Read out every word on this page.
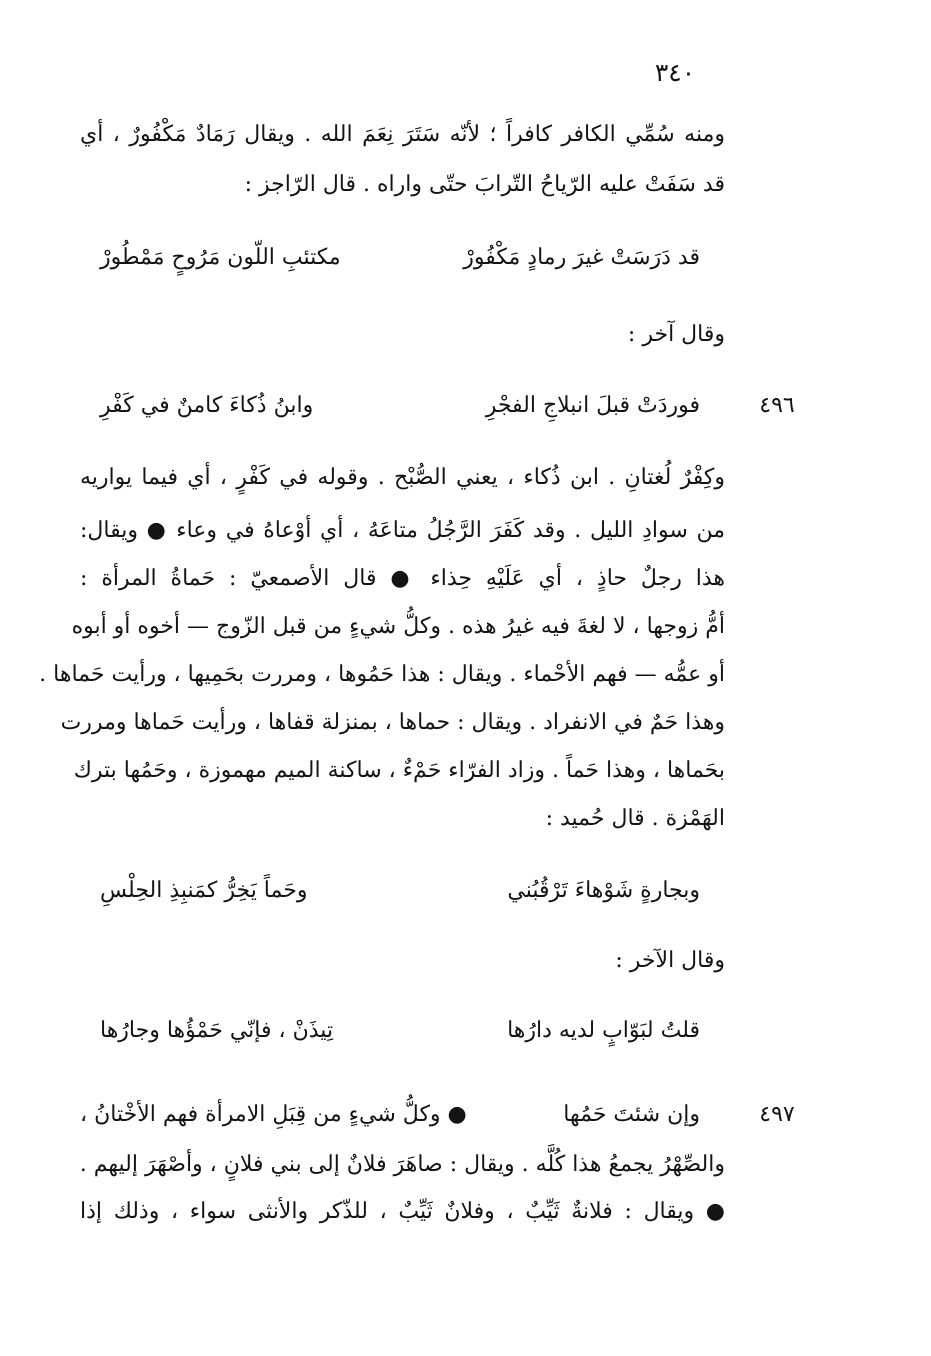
٣٤٠
ومنه سُمِّي الكافر كافراً ؛ لأنّه سَتَرَ نِعَمَ الله . ويقال رَمَادٌ مَكْفُورٌ ، أي
قد سَفَتْ عليه الرّياحُ التّرابَ حتّى واراه . قال الرّاجز :
قد دَرَسَتْ غيرَ رمادٍ مَكْفُورْ
مكتئبِ اللّون مَرُوحٍ مَمْطُورْ
وقال آخر :
٤٩٦
فوردَتْ قبلَ انبلاجِ الفجْرِ
وابنُ ذُكاءَ كامنٌ في كَفْرِ
وكِفْرٌ لُغتانِ . ابن ذُكاء ، يعني الصُّبْح . وقوله في كَفْرٍ ، أي فيما يواريه
من سوادِ الليل . وقد كَفَرَ الرَّجُلُ متاعَهُ ، أي أوْعاهُ في وعاء ● ويقال:
هذا رجلٌ حاذٍ ، أي عَلَيْهِ حِذاء ● قال الأصمعيّ : حَماةُ المرأة :
أمُّ زوجها ، لا لغةَ فيه غيرُ هذه . وكلُّ شيءٍ من قبل الزّوج — أخوه أو أبوه
أو عمُّه — فهم الأحْماء . ويقال : هذا حَمُوها ، ومررت بحَمِيها ، ورأيت حَماها .
وهذا حَمٌ في الانفراد . ويقال : حماها ، بمنزلة قفاها ، ورأيت حَماها ومررت
بحَماها ، وهذا حَماً . وزاد الفرّاء حَمْءٌ ، ساكنة الميم مهموزة ، وحَمُها بترك
الهَمْزة . قال حُميد :
وبجارةٍ شَوْهاءَ تَرْقُبُني
وحَماً يَخِرُّ كمَنبِذِ الحِلْسِ
وقال الآخر :
قلتُ لبَوّابٍ لديه دارُها
تِيذَنْ ، فإنّي حَمْؤُها وجارُها
٤٩٧
وإن شئتَ حَمُها
● وكلُّ شيءٍ من قِبَلِ الامرأة فهم الأخْتانُ ،
والصِّهْرُ يجمعُ هذا كُلَّه . ويقال : صاهَرَ فلانٌ إلى بني فلانٍ ، وأصْهَرَ إليهم .
● ويقال : فلانةٌ ثَيِّبٌ ، وفلانٌ ثَيِّبٌ ، للذّكر والأنثى سواء ، وذلك إذا
